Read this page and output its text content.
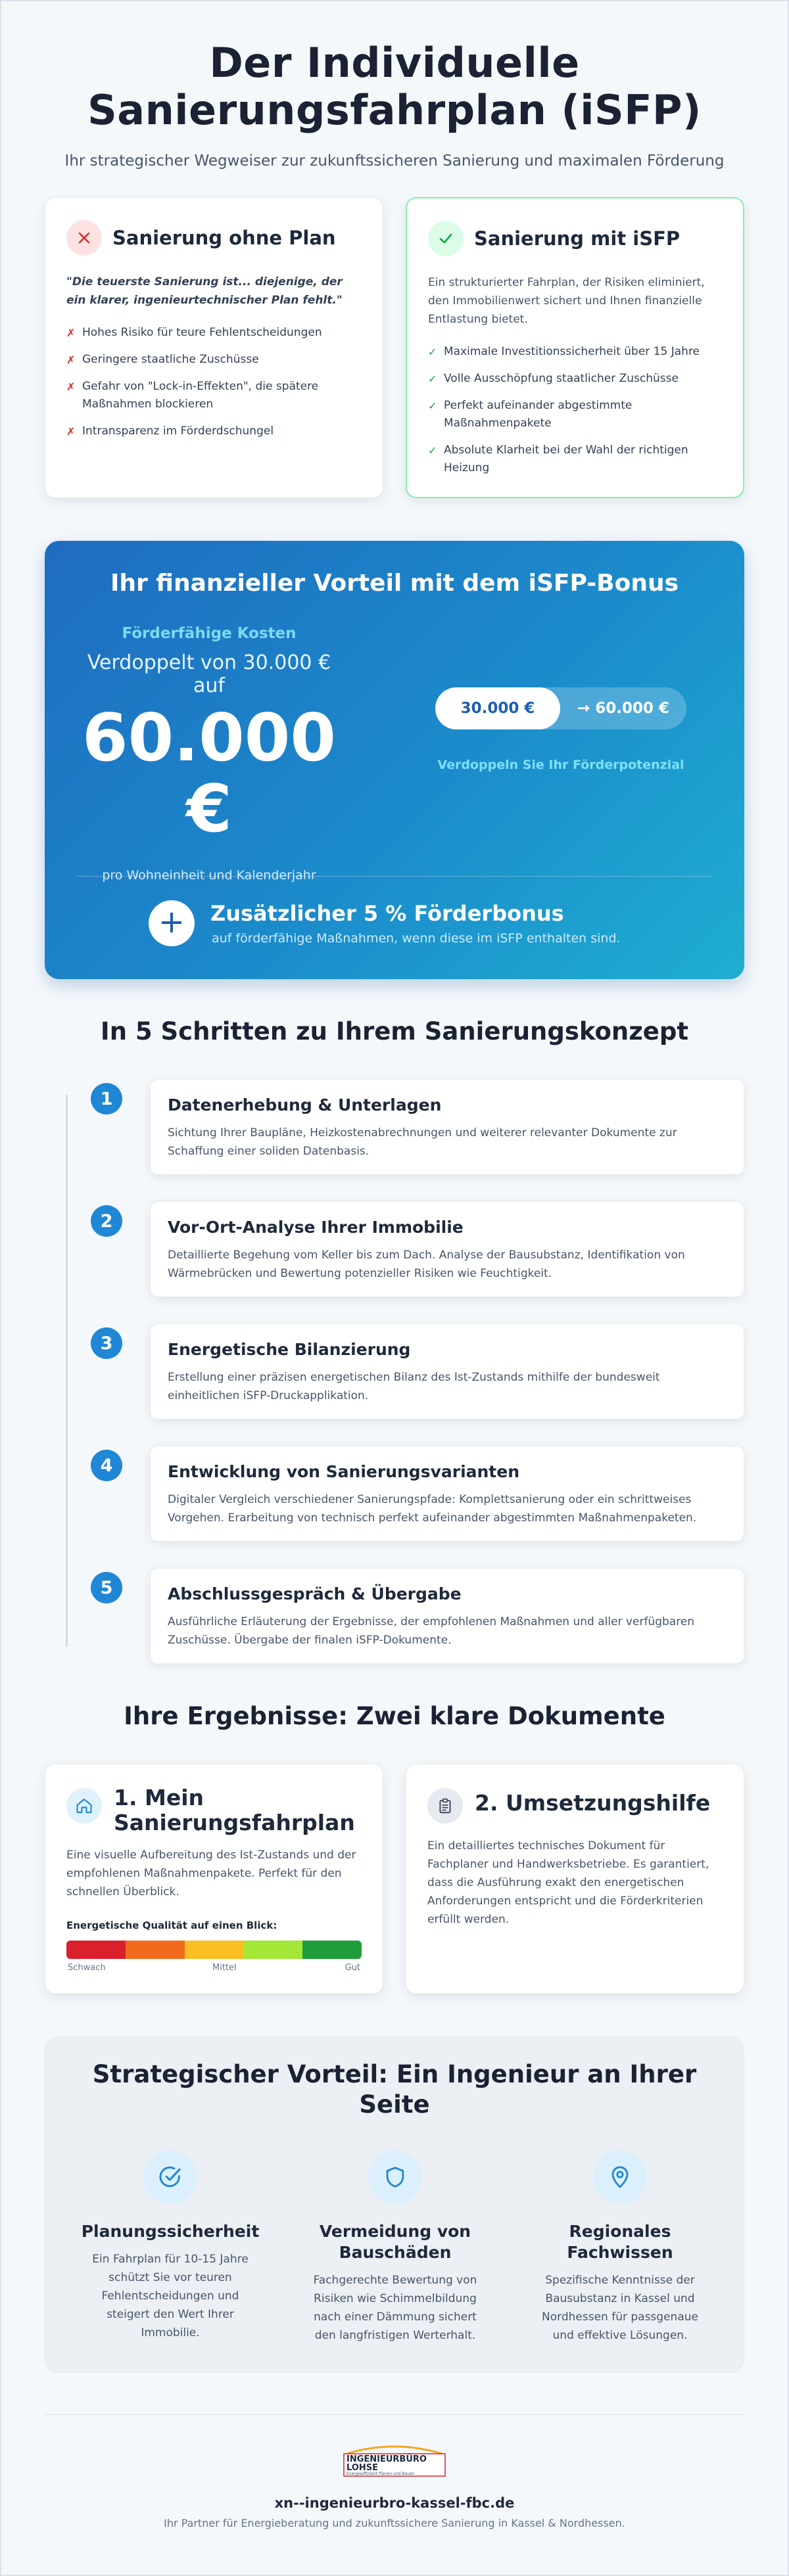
Der Individuelle
Sanierungsfahrplan (iSFP)

Ihr strategischer Wegweiser zur zukunftssicheren Sanierung und maximalen Förderung

Sanierung ohne Plan

"Die teuerste Sanierung ist... diejenige, der ein klarer, ingenieurtechnischer Plan fehlt."

✗ Hohes Risiko für teure Fehlentscheidungen
✗ Geringere staatliche Zuschüsse
✗ Gefahr von "Lock-in-Effekten", die spätere Maßnahmen blockieren
✗ Intransparenz im Förderdschungel
Sanierung mit iSFP

Ein strukturierter Fahrplan, der Risiken eliminiert, den Immobilienwert sichert und Ihnen finanzielle Entlastung bietet.

✓ Maximale Investitionssicherheit über 15 Jahre
✓ Volle Ausschöpfung staatlicher Zuschüsse
✓ Perfekt aufeinander abgestimmte Maßnahmenpakete
✓ Absolute Klarheit bei der Wahl der richtigen Heizung
Ihr finanzieller Vorteil mit dem iSFP-Bonus
Förderfähige Kosten
Verdoppelt von 30.000 € auf
60.000 €
pro Wohneinheit und Kalenderjahr
30.000 €	→ 60.000 €
Verdoppeln Sie Ihr Förderpotenzial
+	Zusätzlicher 5 % Förderbonus
auf förderfähige Maßnahmen, wenn diese im iSFP enthalten sind.
In 5 Schritten zu Ihrem Sanierungskonzept
1	Datenerhebung & Unterlagen

Sichtung Ihrer Baupläne, Heizkostenabrechnungen und weiterer relevanter Dokumente zur Schaffung einer soliden Datenbasis.

2	Vor-Ort-Analyse Ihrer Immobilie

Detaillierte Begehung vom Keller bis zum Dach. Analyse der Bausubstanz, Identifikation von Wärmebrücken und Bewertung potenzieller Risiken wie Feuchtigkeit.

3	Energetische Bilanzierung

Erstellung einer präzisen energetischen Bilanz des Ist-Zustands mithilfe der bundesweit einheitlichen iSFP-Druckapplikation.

4	Entwicklung von Sanierungsvarianten

Digitaler Vergleich verschiedener Sanierungspfade: Komplettsanierung oder ein schrittweises Vorgehen. Erarbeitung von technisch perfekt aufeinander abgestimmten Maßnahmenpaketen.

5	Abschlussgespräch & Übergabe

Ausführliche Erläuterung der Ergebnisse, der empfohlenen Maßnahmen und aller verfügbaren Zuschüsse. Übergabe der finalen iSFP-Dokumente.

Ihre Ergebnisse: Zwei klare Dokumente
1. Mein Sanierungsfahrplan

Eine visuelle Aufbereitung des Ist-Zustands und der empfohlenen Maßnahmenpakete. Perfekt für den schnellen Überblick.

Energetische Qualität auf einen Blick:
Schwach	Mittel	Gut
2. Umsetzungshilfe

Ein detailliertes technisches Dokument für Fachplaner und Handwerksbetriebe. Es garantiert, dass die Ausführung exakt den energetischen Anforderungen entspricht und die Förderkriterien erfüllt werden.

Strategischer Vorteil: Ein Ingenieur an Ihrer
Seite
Planungssicherheit

Ein Fahrplan für 10-15 Jahre schützt Sie vor teuren Fehlentscheidungen und steigert den Wert Ihrer Immobilie.

Vermeidung von Bauschäden

Fachgerechte Bewertung von Risiken wie Schimmelbildung nach einer Dämmung sichert den langfristigen Werterhalt.

Regionales Fachwissen

Spezifische Kenntnisse der Bausubstanz in Kassel und Nordhessen für passgenaue und effektive Lösungen.

INGENIEURBÜRO
LOHSE
Energieeffizient Planen und Bauen
xn--ingenieurbro-kassel-fbc.de
Ihr Partner für Energieberatung und zukunftssichere Sanierung in Kassel & Nordhessen.
